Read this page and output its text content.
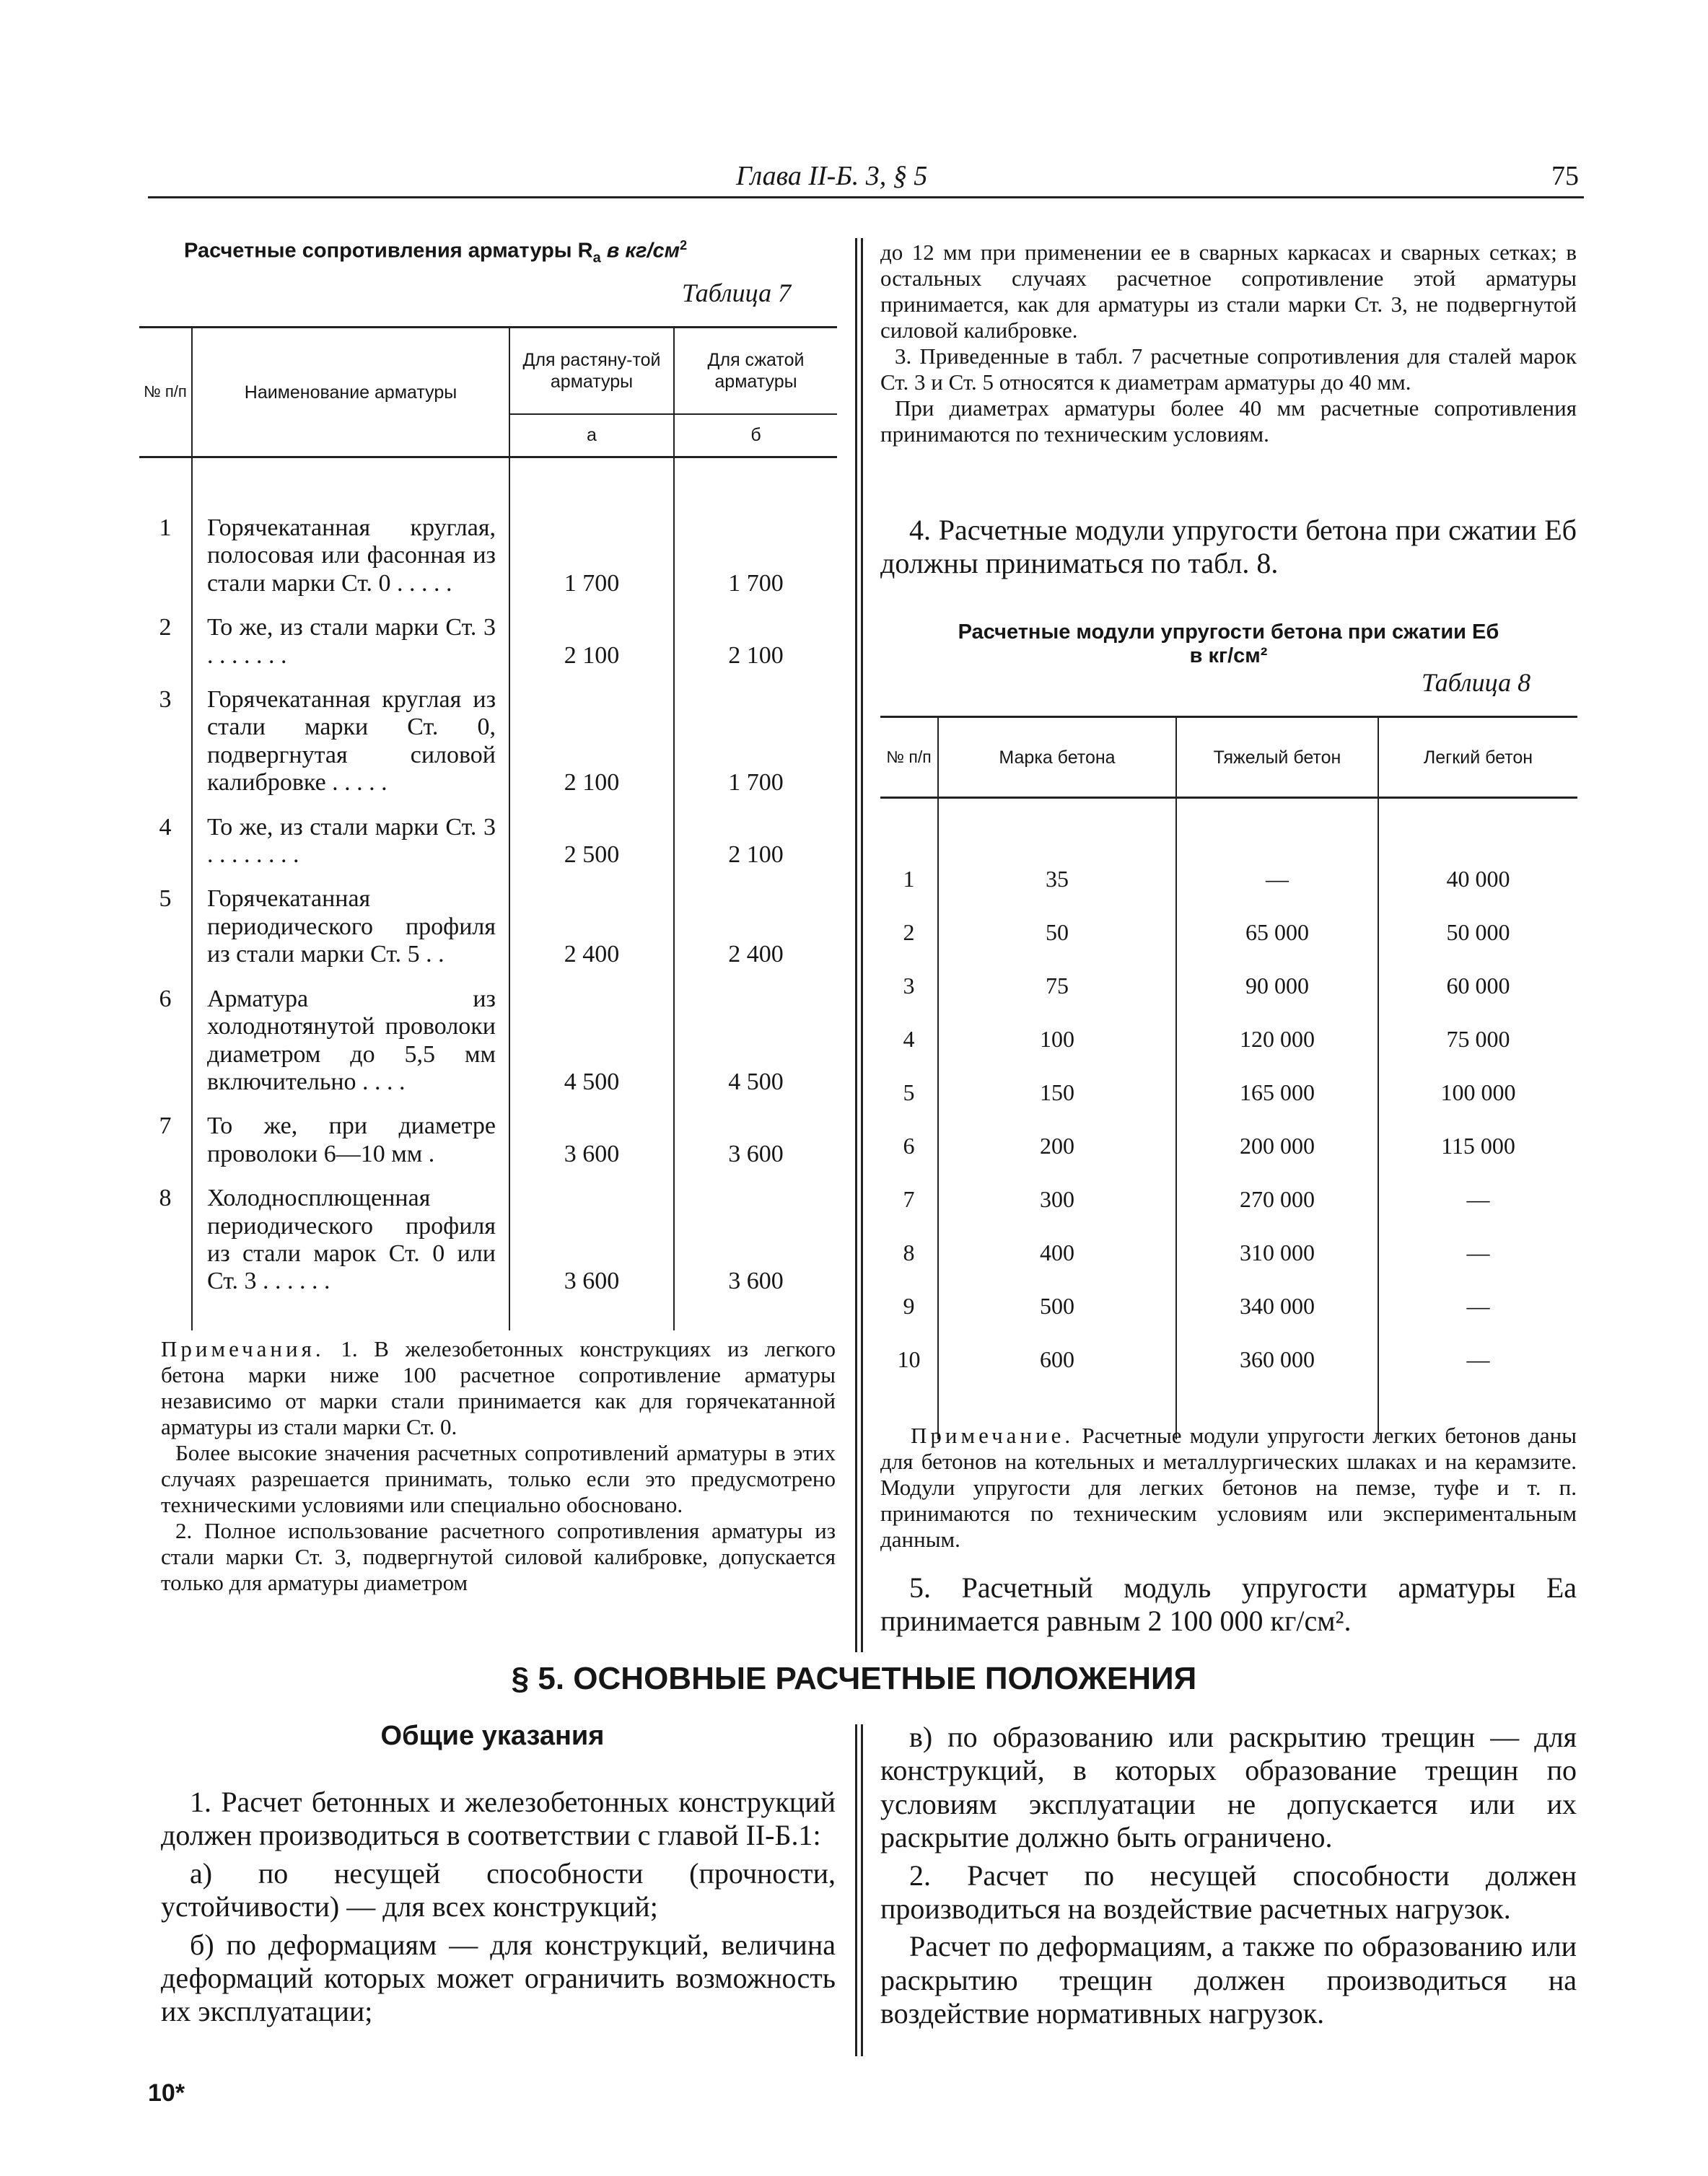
Глава II-Б. 3, § 5	75
Расчетные сопротивления арматуры $R_а$ в $кг/см^2$
Таблица 7
№ п/п	Наименование арматуры	Для растяну-той арматуры	Для сжатой арматуры
		а	б
1	Горячекатанная круглая, полосовая или фасонная из стали марки Ст. 0 . . . . .	1 700	1 700
2	То же, из стали марки Ст. 3 . . . . . . .	2 100	2 100
3	Горячекатанная круглая из стали марки Ст. 0, подвергнутая силовой калибровке . . . . .	2 100	1 700
4	То же, из стали марки Ст. 3 . . . . . . . .	2 500	2 100
5	Горячекатанная периодического профиля из стали марки Ст. 5 . .	2 400	2 400
6	Арматура из холоднотянутой проволоки диаметром до 5,5 мм включительно . . . .	4 500	4 500
7	То же, при диаметре проволоки 6—10 мм .	3 600	3 600
8	Холодносплющенная периодического профиля из стали марок Ст. 0 или Ст. 3 . . . . . .	3 600	3 600

Примечания. 1. В железобетонных конструкциях из легкого бетона марки ниже 100 расчетное сопротивление арматуры независимо от марки стали принимается как для горячекатанной арматуры из стали марки Ст. 0.

Более высокие значения расчетных сопротивлений арматуры в этих случаях разрешается принимать, только если это предусмотрено техническими условиями или специально обосновано.

2. Полное использование расчетного сопротивления арматуры из стали марки Ст. 3, подвергнутой силовой калибровке, допускается только для арматуры диаметром

до 12 мм при применении ее в сварных каркасах и сварных сетках; в остальных случаях расчетное сопротивление этой арматуры принимается, как для арматуры из стали марки Ст. 3, не подвергнутой силовой калибровке.

3. Приведенные в табл. 7 расчетные сопротивления для сталей марок Ст. 3 и Ст. 5 относятся к диаметрам арматуры до 40 мм.

При диаметрах арматуры более 40 мм расчетные сопротивления принимаются по техническим условиям.

4. Расчетные модули упругости бетона при сжатии Eб должны приниматься по табл. 8.
Расчетные модули упругости бетона при сжатии Eб
в кг/см²
Таблица 8
№ п/п	Марка бетона	Тяжелый бетон	Легкий бетон

1	35	—	40 000
2	50	65 000	50 000
3	75	90 000	60 000
4	100	120 000	75 000
5	150	165 000	100 000
6	200	200 000	115 000
7	300	270 000	—
8	400	310 000	—
9	500	340 000	—
10	600	360 000	—

Примечание. Расчетные модули упругости легких бетонов даны для бетонов на котельных и металлургических шлаках и на керамзите. Модули упругости для легких бетонов на пемзе, туфе и т. п. принимаются по техническим условиям или экспериментальным данным.
5. Расчетный модуль упругости арматуры Eа принимается равным 2 100 000 кг/см².
§ 5. ОСНОВНЫЕ РАСЧЕТНЫЕ ПОЛОЖЕНИЯ
Общие указания

1. Расчет бетонных и железобетонных конструкций должен производиться в соответствии с главой II-Б.1:

а) по несущей способности (прочности, устойчивости) — для всех конструкций;

б) по деформациям — для конструкций, величина деформаций которых может ограничить возможность их эксплуатации;

в) по образованию или раскрытию трещин — для конструкций, в которых образование трещин по условиям эксплуатации не допускается или их раскрытие должно быть ограничено.

2. Расчет по несущей способности должен производиться на воздействие расчетных нагрузок.

Расчет по деформациям, а также по образованию или раскрытию трещин должен производиться на воздействие нормативных нагрузок.

10*
